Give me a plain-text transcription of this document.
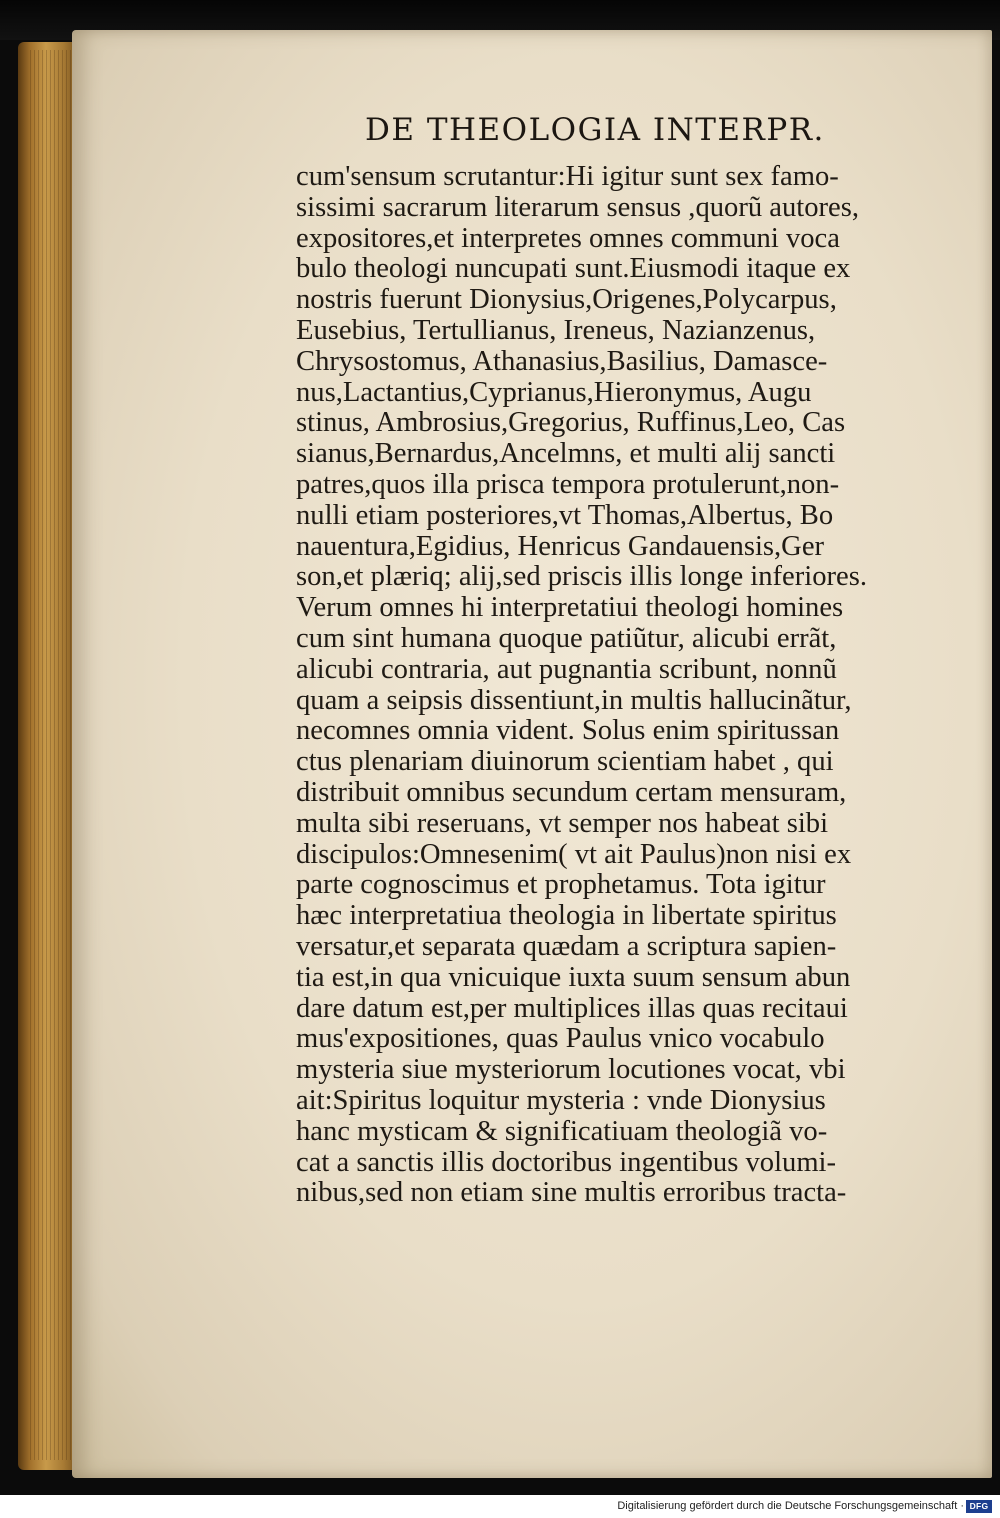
DE THEOLOGIA INTERPR.
cum'sensum scrutantur:Hi igitur sunt sex famo-
sissimi sacrarum literarum sensus ,quorũ autores,
expositores,et interpretes omnes communi voca
bulo theologi nuncupati sunt.Eiusmodi itaque ex
nostris fuerunt Dionysius,Origenes,Polycarpus,
Eusebius, Tertullianus, Ireneus, Nazianzenus,
Chrysostomus, Athanasius,Basilius, Damasce-
nus,Lactantius,Cyprianus,Hieronymus, Augu
stinus, Ambrosius,Gregorius, Ruffinus,Leo, Cas
sianus,Bernardus,Ancelmns, et multi alij sancti
patres,quos illa prisca tempora protulerunt,non-
nulli etiam posteriores,vt Thomas,Albertus, Bo
nauentura,Egidius, Henricus Gandauensis,Ger
son,et plæriq; alij,sed priscis illis longe inferiores.
Verum omnes hi interpretatiui theologi homines
cum sint humana quoque patiũtur, alicubi errãt,
alicubi contraria, aut pugnantia scribunt, nonnũ
quam a seipsis dissentiunt,in multis hallucinãtur,
necomnes omnia vident. Solus enim spiritussan
ctus plenariam diuinorum scientiam habet , qui
distribuit omnibus secundum certam mensuram,
multa sibi reseruans, vt semper nos habeat sibi
discipulos:Omnesenim( vt ait Paulus)non nisi ex
parte cognoscimus et prophetamus. Tota igitur
hæc interpretatiua theologia in libertate spiritus
versatur,et separata quædam a scriptura sapien-
tia est,in qua vnicuique iuxta suum sensum abun
dare datum est,per multiplices illas quas recitaui
mus'expositiones, quas Paulus vnico vocabulo
mysteria siue mysteriorum locutiones vocat, vbi
ait:Spiritus loquitur mysteria : vnde Dionysius
hanc mysticam & significatiuam theologiã vo-
cat a sanctis illis doctoribus ingentibus volumi-
nibus,sed non etiam sine multis erroribus tracta-
Digitalisierung gefördert durch die Deutsche Forschungsgemeinschaft · DFG
